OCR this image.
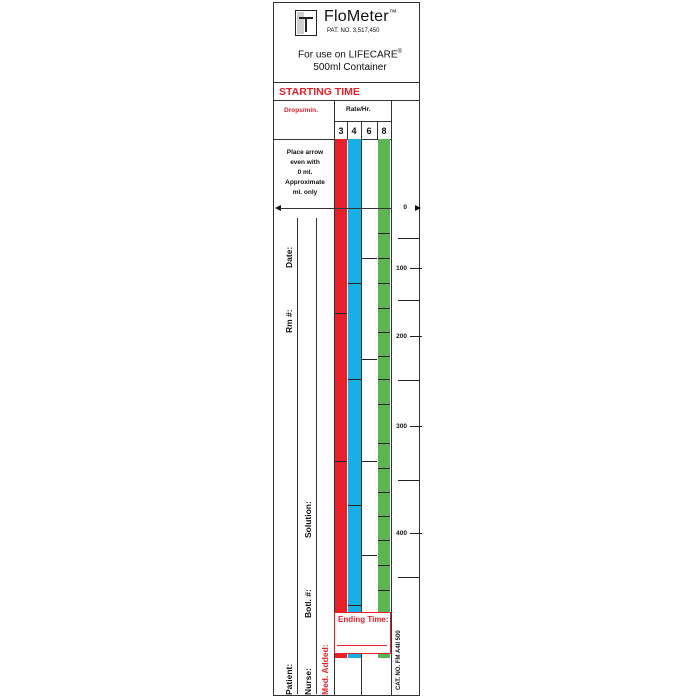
FloMeter™
PAT. NO. 3,517,450
For use on LIFECARE®
500ml Container
STARTING TIME
Drops/min.	Rate/Hr.
3 4	6	8
Place arrow
even with
0 ml.
Approximate
ml. only
0
100
200
300
400
Date:
Rm #:
Solution:
Botl. #:
Patient: Nurse: Med. Added:
Ending Time:
CAT. NO. FM A4II 500
